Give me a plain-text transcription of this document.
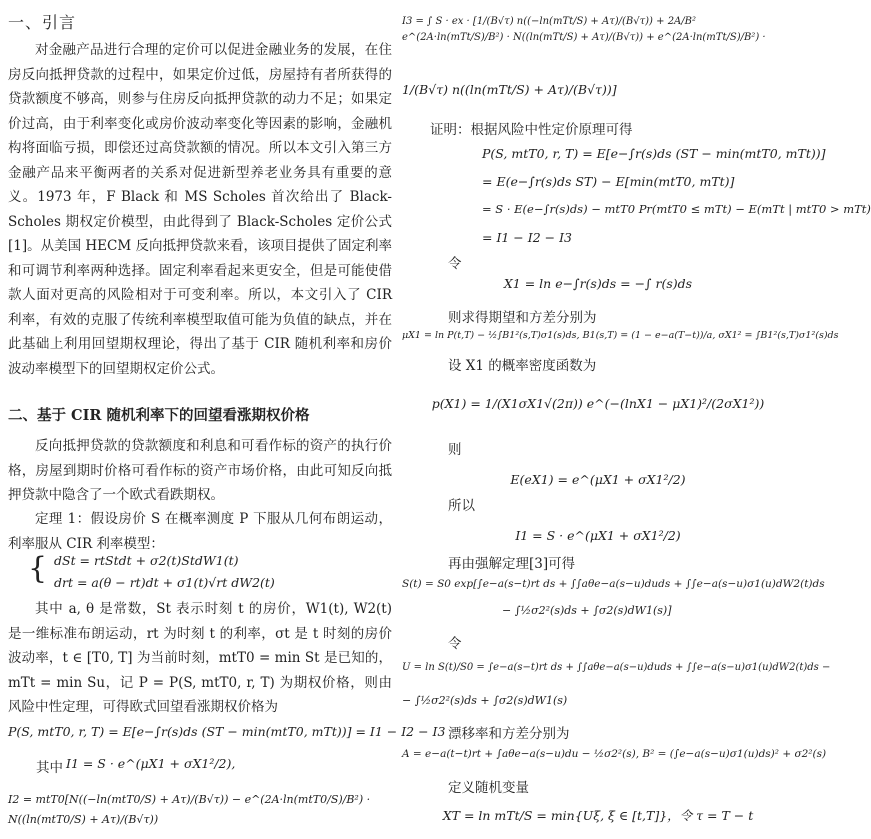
一、引言
对金融产品进行合理的定价可以促进金融业务的发展，在住房反向抵押贷款的过程中，如果定价过低，房屋持有者所获得的贷款额度不够高，则参与住房反向抵押贷款的动力不足；如果定价过高，由于利率变化或房价波动率变化等因素的影响，金融机构将面临亏损，即偿还过高贷款额的情况。所以本文引入第三方金融产品来平衡两者的关系对促进新型养老业务具有重要的意义。1973 年，F Black 和 MS Scholes 首次给出了 Black-Scholes 期权定价模型，由此得到了 Black-Scholes 定价公式[1]。从美国 HECM 反向抵押贷款来看，该项目提供了固定利率和可调节利率两种选择。固定利率看起来更安全，但是可能使借款人面对更高的风险相对于可变利率。所以，本文引入了 CIR 利率，有效的克服了传统利率模型取值可能为负值的缺点，并在此基础上利用回望期权理论，得出了基于 CIR 随机利率和房价波动率模型下的回望期权定价公式。
二、基于 CIR 随机利率下的回望看涨期权价格
反向抵押贷款的贷款额度和利息和可看作标的资产的执行价格，房屋到期时价格可看作标的资产市场价格，由此可知反向抵押贷款中隐含了一个欧式看跌期权。
定理 1：假设房价 S 在概率测度 P 下服从几何布朗运动，利率服从 CIR 利率模型：
{ dSt = rtStdt + σ2(t)StdW1(t)
drt = a(θ − rt)dt + σ1(t)√rt dW2(t)
其中 a, θ 是常数，St 表示时刻 t 的房价，W1(t), W2(t) 是一维标准布朗运动，rt 为时刻 t 的利率，σt 是 t 时刻的房价波动率，t ∈ [T0, T] 为当前时刻，mtT0 = min St 是已知的，mTt = min Su，记 P = P(S, mtT0, r, T) 为期权价格，则由风险中性定理，可得欧式回望看涨期权价格为
P(S, mtT0, r, T) = E[e−∫r(s)ds (ST − min(mtT0, mTt))] = I1 − I2 − I3
其中 I1 = S · e^(μX1 + σX1²/2),
I2 = mtT0[N((−ln(mtT0/S) + Aτ)/(B√τ)) − e^(2A·ln(mtT0/S)/B²) · N((ln(mtT0/S) + Aτ)/(B√τ))
I3 = ∫ S · ex · [1/(B√τ) n((−ln(mTt/S) + Aτ)/(B√τ)) + 2A/B² e^(2A·ln(mTt/S)/B²) · N((ln(mTt/S) + Aτ)/(B√τ)) + e^(2A·ln(mTt/S)/B²) ·
1/(B√τ) n((ln(mTt/S) + Aτ)/(B√τ))]
证明：根据风险中性定价原理可得
P(S, mtT0, r, T) = E[e−∫r(s)ds (ST − min(mtT0, mTt))]
= E(e−∫r(s)ds ST) − E[min(mtT0, mTt)]
= S · E(e−∫r(s)ds) − mtT0 Pr(mtT0 ≤ mTt) − E(mTt | mtT0 > mTt)
= I1 − I2 − I3
令
X1 = ln e−∫r(s)ds = −∫ r(s)ds
则求得期望和方差分别为
μX1 = ln P(t,T) − ½∫B1²(s,T)σ1(s)ds, B1(s,T) = (1 − e−a(T−t))/a, σX1² = ∫B1²(s,T)σ1²(s)ds
设 X1 的概率密度函数为
p(X1) = 1/(X1σX1√(2π)) e^(−(lnX1 − μX1)²/(2σX1²))
则
E(eX1) = e^(μX1 + σX1²/2)
所以
I1 = S · e^(μX1 + σX1²/2)
再由强解定理[3]可得
S(t) = S0 exp[∫e−a(s−t)rt ds + ∫∫aθe−a(s−u)duds + ∫∫e−a(s−u)σ1(u)dW2(t)ds
− ∫½σ2²(s)ds + ∫σ2(s)dW1(s)]
令
U = ln S(t)/S0 = ∫e−a(s−t)rt ds + ∫∫aθe−a(s−u)duds + ∫∫e−a(s−u)σ1(u)dW2(t)ds −
− ∫½σ2²(s)ds + ∫σ2(s)dW1(s)
漂移率和方差分别为
A = e−a(t−t)rt + ∫aθe−a(s−u)du − ½σ2²(s), B² = (∫e−a(s−u)σ1(u)ds)² + σ2²(s)
定义随机变量
XT = ln mTt/S = min{Uξ, ξ ∈ [t,T]}，令 τ = T − t
